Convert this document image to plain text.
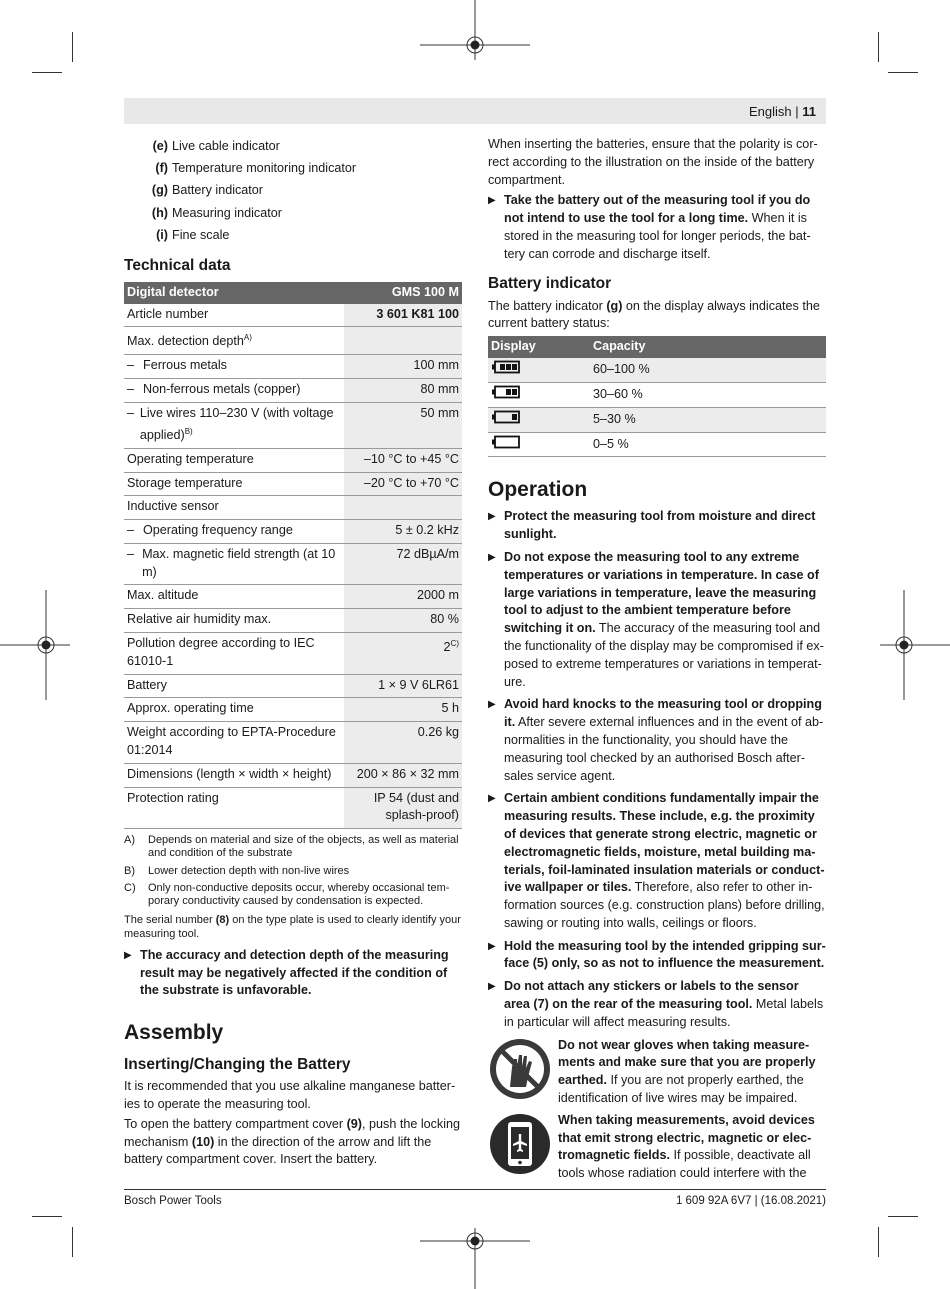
English | 11
(e) Live cable indicator
(f) Temperature monitoring indicator
(g) Battery indicator
(h) Measuring indicator
(i) Fine scale
Technical data
Digital detector	GMS 100 M

Article number	3 601 K81 100

Max. detection depth$^{A)}$

– Ferrous metals	100 mm

– Non-ferrous metals (copper)	80 mm

– Live wires 110–230 V (with voltage applied)$^{B)}$	50 mm

Operating temperature	–10 °C to +45 °C

Storage temperature	–20 °C to +70 °C

Inductive sensor	

– Operating frequency range	5 ± 0.2 kHz

– Max. magnetic field strength (at 10 m)	72 dBµA/m

Max. altitude	2000 m

Relative air humidity max.	80 %

Pollution degree according to IEC 61010-1	$2^{C)}$

Battery	1 × 9 V 6LR61

Approx. operating time	5 h

Weight according to EPTA-Procedure 01:2014	0.26 kg

Dimensions (length × width × height)	200 × 86 × 32 mm

Protection rating	IP 54 (dust and splash-proof)
A)	Depends on material and size of the objects, as well as material and condition of the substrate
B)	Lower detection depth with non-live wires
C)	Only non-conductive deposits occur, whereby occasional temporary conductivity caused by condensation is expected.

The serial number (8) on the type plate is used to clearly identify your measuring tool.

▶ The accuracy and detection depth of the measuring result may be negatively affected if the condition of the substrate is unfavorable.
Assembly
Inserting/Changing the Battery

It is recommended that you use alkaline manganese batteries to operate the measuring tool.

To open the battery compartment cover (9), push the locking mechanism (10) in the direction of the arrow and lift the battery compartment cover. Insert the battery.

When inserting the batteries, ensure that the polarity is correct according to the illustration on the inside of the battery compartment.

▶ Take the battery out of the measuring tool if you do not intend to use the tool for a long time. When it is stored in the measuring tool for longer periods, the battery can corrode and discharge itself.
Battery indicator

The battery indicator (g) on the display always indicates the current battery status:

Display	Capacity
	60–100 %
	30–60 %
	5–30 %
	0–5 %
Operation
▶ Protect the measuring tool from moisture and direct sunlight.
▶ Do not expose the measuring tool to any extreme temperatures or variations in temperature. In case of large variations in temperature, leave the measuring tool to adjust to the ambient temperature before switching it on. The accuracy of the measuring tool and the functionality of the display may be compromised if exposed to extreme temperatures or variations in temperature.
▶ Avoid hard knocks to the measuring tool or dropping it. After severe external influences and in the event of abnormalities in the functionality, you should have the measuring tool checked by an authorised Bosch after-sales service agent.
▶ Certain ambient conditions fundamentally impair the measuring results. These include, e.g. the proximity of devices that generate strong electric, magnetic or electromagnetic fields, moisture, metal building materials, foil-laminated insulation materials or conductive wallpaper or tiles. Therefore, also refer to other information sources (e.g. construction plans) before drilling, sawing or routing into walls, ceilings or floors.
▶ Hold the measuring tool by the intended gripping surface (5) only, so as not to influence the measurement.
▶ Do not attach any stickers or labels to the sensor area (7) on the rear of the measuring tool. Metal labels in particular will affect measuring results.

Do not wear gloves when taking measurements and make sure that you are properly earthed. If you are not properly earthed, the identification of live wires may be impaired.

When taking measurements, avoid devices that emit strong electric, magnetic or electromagnetic fields. If possible, deactivate all tools whose radiation could interfere with the

Bosch Power Tools	1 609 92A 6V7 | (16.08.2021)
